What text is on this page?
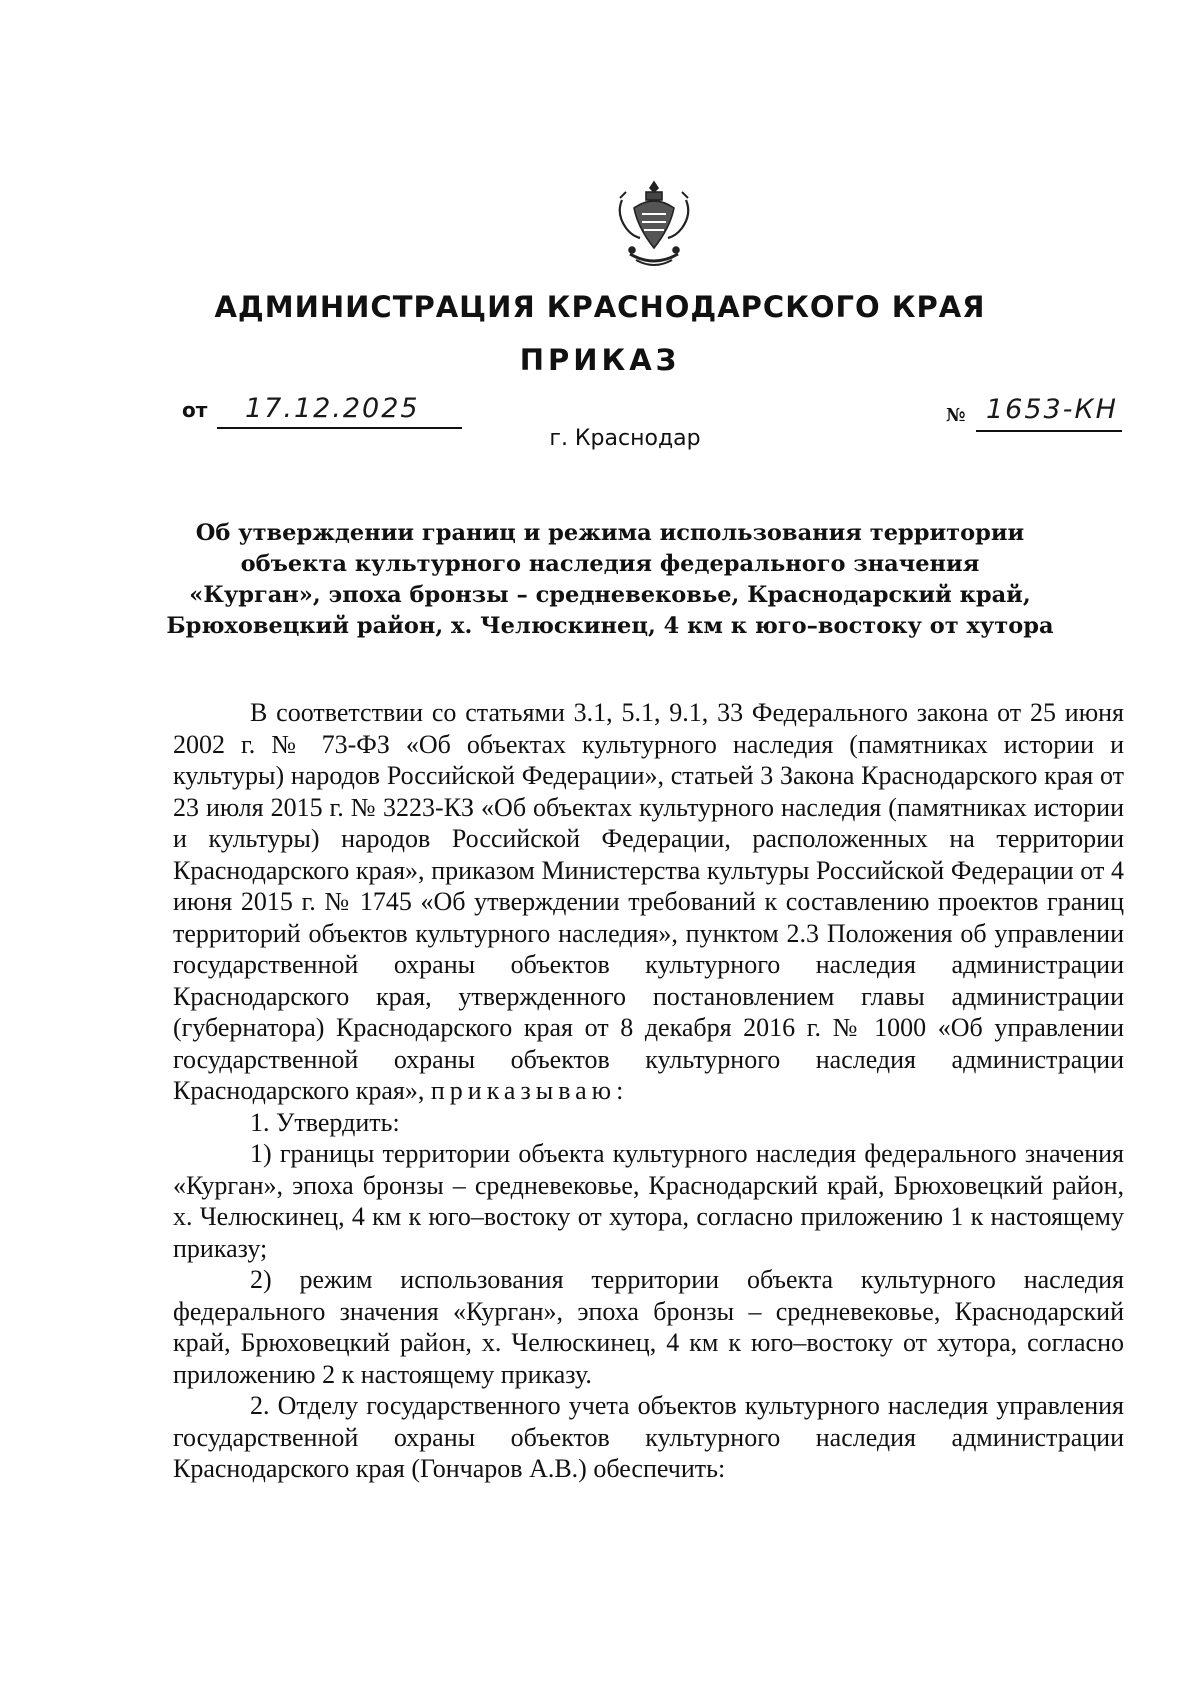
АДМИНИСТРАЦИЯ КРАСНОДАРСКОГО КРАЯ
ПРИКАЗ
от 17.12.2025	№ 1653-КН
г. Краснодар
Об утверждении границ и режима использования территории
объекта культурного наследия федерального значения
«Курган», эпоха бронзы – средневековье, Краснодарский край,
Брюховецкий район, х. Челюскинец, 4 км к юго–востоку от хутора

В соответствии со статьями 3.1, 5.1, 9.1, 33 Федерального закона от 25 июня 2002 г. № 73-ФЗ «Об объектах культурного наследия (памятниках истории и культуры) народов Российской Федерации», статьей 3 Закона Краснодарского края от 23 июля 2015 г. № 3223-КЗ «Об объектах культурного наследия (памятниках истории и культуры) народов Российской Федерации, расположенных на территории Краснодарского края», приказом Министерства культуры Российской Федерации от 4 июня 2015 г. № 1745 «Об утверждении требований к составлению проектов границ территорий объектов культурного наследия», пунктом 2.3 Положения об управлении государственной охраны объектов культурного наследия администрации Краснодарского края, утвержденного постановлением главы администрации (губернатора) Краснодарского края от 8 декабря 2016 г. № 1000 «Об управлении государственной охраны объектов культурного наследия администрации Краснодарского края», приказываю:

1. Утвердить:

1) границы территории объекта культурного наследия федерального значения «Курган», эпоха бронзы – средневековье, Краснодарский край, Брюховецкий район, х. Челюскинец, 4 км к юго–востоку от хутора, согласно приложению 1 к настоящему приказу;

2) режим использования территории объекта культурного наследия федерального значения «Курган», эпоха бронзы – средневековье, Краснодарский край, Брюховецкий район, х. Челюскинец, 4 км к юго–востоку от хутора, согласно приложению 2 к настоящему приказу.

2. Отделу государственного учета объектов культурного наследия управления государственной охраны объектов культурного наследия администрации Краснодарского края (Гончаров А.В.) обеспечить:
